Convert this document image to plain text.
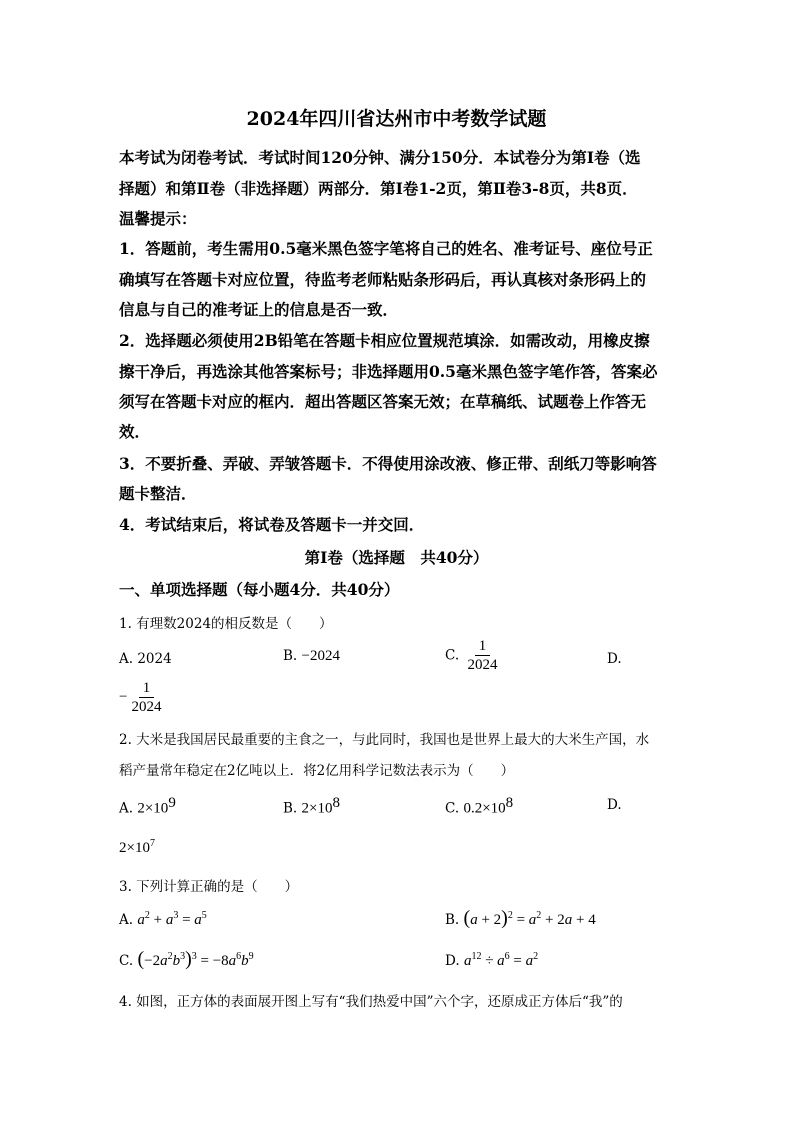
2024年四川省达州市中考数学试题
本考试为闭卷考试．考试时间120分钟、满分150分．本试卷分为第Ⅰ卷（选
择题）和第Ⅱ卷（非选择题）两部分．第Ⅰ卷1-2页，第Ⅱ卷3-8页，共8页．
温馨提示：
1．答题前，考生需用0.5毫米黑色签字笔将自己的姓名、准考证号、座位号正
确填写在答题卡对应位置，待监考老师粘贴条形码后，再认真核对条形码上的
信息与自己的准考证上的信息是否一致．
2．选择题必须使用2B铅笔在答题卡相应位置规范填涂．如需改动，用橡皮擦
擦干净后，再选涂其他答案标号；非选择题用0.5毫米黑色签字笔作答，答案必
须写在答题卡对应的框内．超出答题区答案无效；在草稿纸、试题卷上作答无
效．
3．不要折叠、弄破、弄皱答题卡．不得使用涂改液、修正带、刮纸刀等影响答
题卡整洁．
4．考试结束后，将试卷及答题卡一并交回．
第Ⅰ卷（选择题　共40分）
一、单项选择题（每小题4分．共40分）
1. 有理数2024的相反数是（　　）
A. 2024	B. −2024	C. $\frac{1}{2024}$	D.
− $\frac{1}{2024}$
2. 大米是我国居民最重要的主食之一，与此同时，我国也是世界上最大的大米生产国，水
稻产量常年稳定在2亿吨以上．将2亿用科学记数法表示为（　　）
A. $2\times 10^9$	B. $2\times 10^8$	C. $0.2\times 10^8$	D.
$2\times 10^7$
3. 下列计算正确的是（　　）
A. $a^2 + a^3 = a^5$	B. $(a + 2)^2 = a^2 + 2a + 4$
C. $(-2a^2b^3)^3 = -8a^6b^9$	D. $a^{12} \div a^6 = a^2$
4. 如图，正方体的表面展开图上写有“我们热爱中国”六个字，还原成正方体后“我”的
